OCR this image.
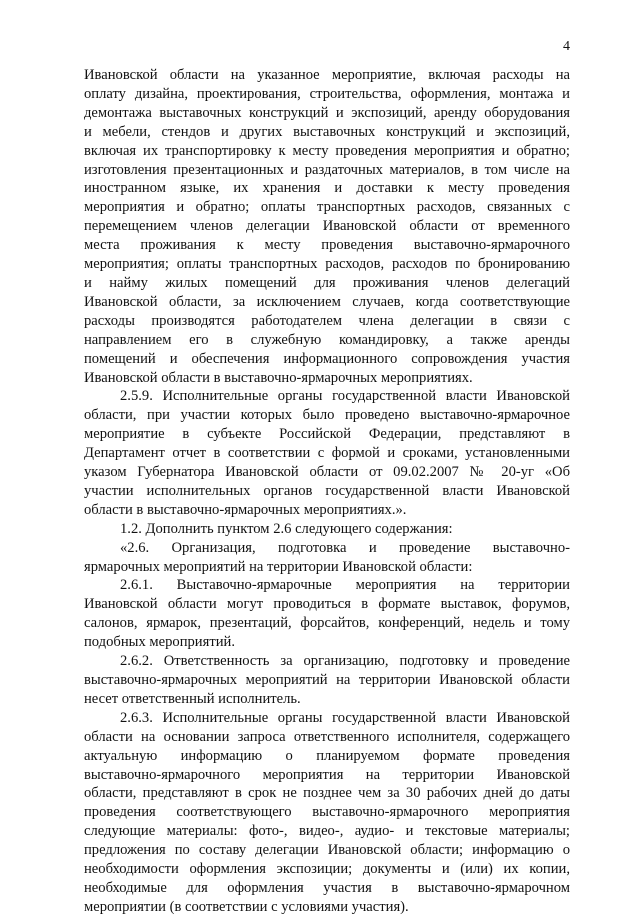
4
Ивановской области на указанное мероприятие, включая расходы на
оплату дизайна, проектирования, строительства, оформления, монтажа и
демонтажа выставочных конструкций и экспозиций, аренду оборудования
и мебели, стендов и других выставочных конструкций и экспозиций,
включая их транспортировку к месту проведения мероприятия и обратно;
изготовления презентационных и раздаточных материалов, в том числе на
иностранном языке, их хранения и доставки к месту проведения
мероприятия и обратно; оплаты транспортных расходов, связанных с
перемещением членов делегации Ивановской области от временного
места проживания к месту проведения выставочно-ярмарочного
мероприятия; оплаты транспортных расходов, расходов по бронированию
и найму жилых помещений для проживания членов делегаций
Ивановской области, за исключением случаев, когда соответствующие
расходы производятся работодателем члена делегации в связи с
направлением его в служебную командировку, а также аренды
помещений и обеспечения информационного сопровождения участия
Ивановской области в выставочно-ярмарочных мероприятиях.
2.5.9. Исполнительные органы государственной власти Ивановской
области, при участии которых было проведено выставочно-ярмарочное
мероприятие в субъекте Российской Федерации, представляют в
Департамент отчет в соответствии с формой и сроками, установленными
указом Губернатора Ивановской области от 09.02.2007 № 20-уг «Об
участии исполнительных органов государственной власти Ивановской
области в выставочно-ярмарочных мероприятиях.».
1.2. Дополнить пунктом 2.6 следующего содержания:
«2.6. Организация, подготовка и проведение выставочно-
ярмарочных мероприятий на территории Ивановской области:
2.6.1. Выставочно-ярмарочные мероприятия на территории
Ивановской области могут проводиться в формате выставок, форумов,
салонов, ярмарок, презентаций, форсайтов, конференций, недель и тому
подобных мероприятий.
2.6.2. Ответственность за организацию, подготовку и проведение
выставочно-ярмарочных мероприятий на территории Ивановской области
несет ответственный исполнитель.
2.6.3. Исполнительные органы государственной власти Ивановской
области на основании запроса ответственного исполнителя, содержащего
актуальную информацию о планируемом формате проведения
выставочно-ярмарочного мероприятия на территории Ивановской
области, представляют в срок не позднее чем за 30 рабочих дней до даты
проведения соответствующего выставочно-ярмарочного мероприятия
следующие материалы: фото-, видео-, аудио- и текстовые материалы;
предложения по составу делегации Ивановской области; информацию о
необходимости оформления экспозиции; документы и (или) их копии,
необходимые для оформления участия в выставочно-ярмарочном
мероприятии (в соответствии с условиями участия).
